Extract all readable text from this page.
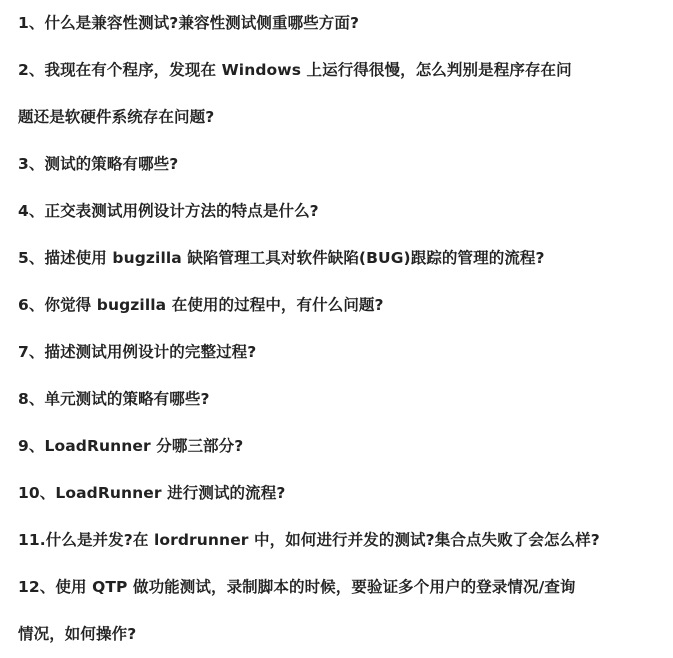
1、什么是兼容性测试?兼容性测试侧重哪些方面?

2、我现在有个程序，发现在 Windows 上运行得很慢，怎么判别是程序存在问
题还是软硬件系统存在问题?

3、测试的策略有哪些?

4、正交表测试用例设计方法的特点是什么?

5、描述使用 bugzilla 缺陷管理工具对软件缺陷(BUG)跟踪的管理的流程?

6、你觉得 bugzilla 在使用的过程中，有什么问题?

7、描述测试用例设计的完整过程?

8、单元测试的策略有哪些?

9、LoadRunner 分哪三部分?

10、LoadRunner 进行测试的流程?

11.什么是并发?在 lordrunner 中，如何进行并发的测试?集合点失败了会怎么样?

12、使用 QTP 做功能测试，录制脚本的时候，要验证多个用户的登录情况/查询
情况，如何操作?
